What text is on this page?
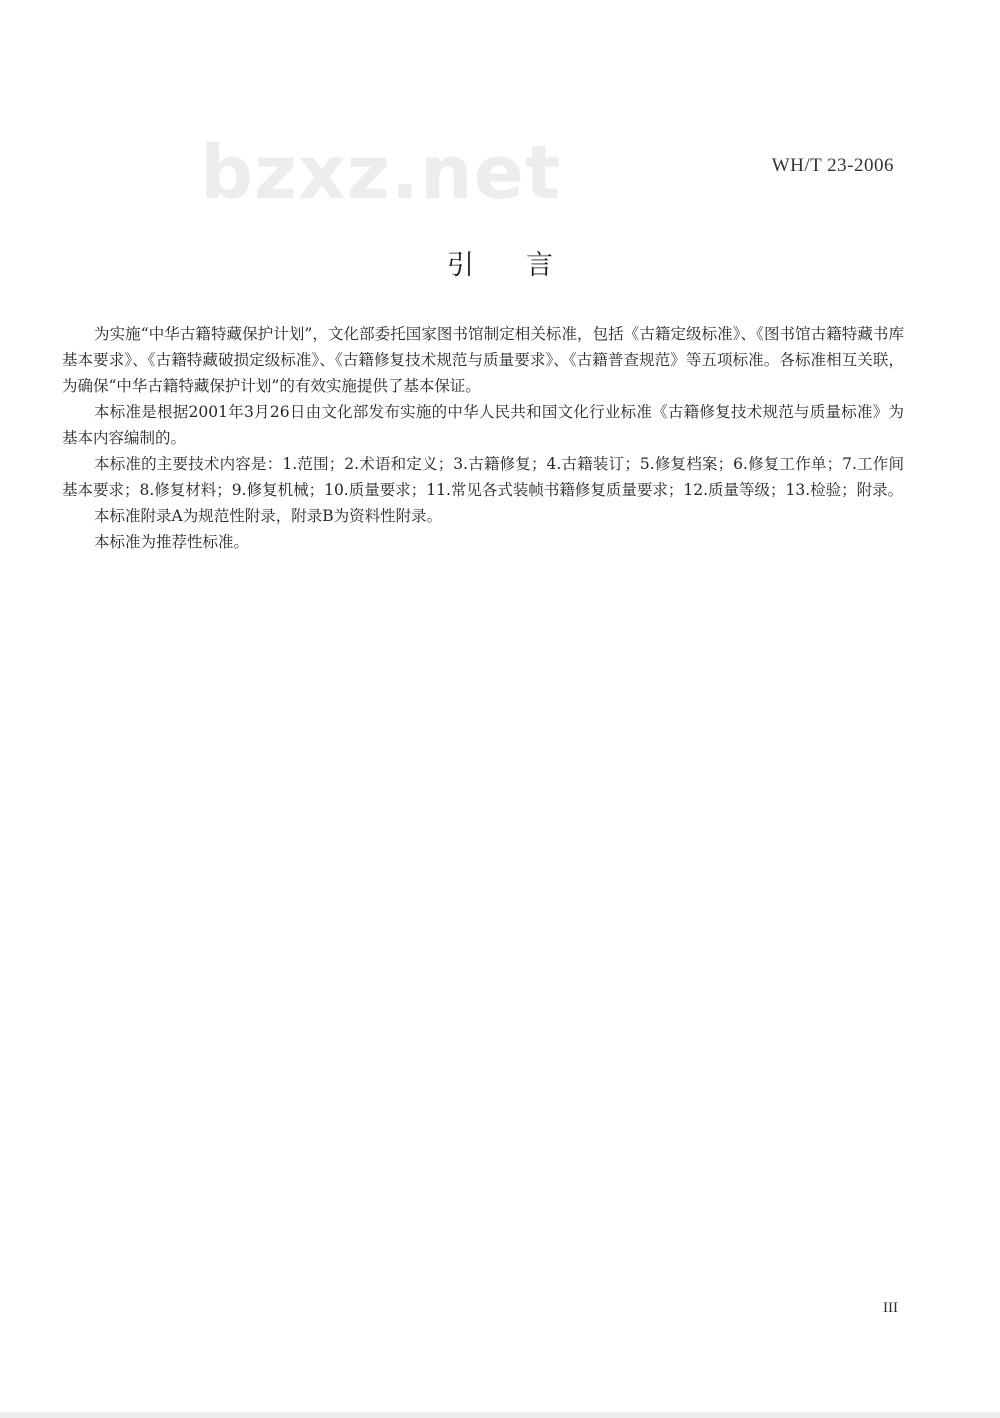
bzxz.net	WH/T 23-2006
引言

为实施“中华古籍特藏保护计划”，文化部委托国家图书馆制定相关标准，包括《古籍定级标准》、《图书馆古籍特藏书库基本要求》、《古籍特藏破损定级标准》、《古籍修复技术规范与质量要求》、《古籍普查规范》等五项标准。各标准相互关联，为确保“中华古籍特藏保护计划”的有效实施提供了基本保证。

本标准是根据2001年3月26日由文化部发布实施的中华人民共和国文化行业标准《古籍修复技术规范与质量标准》为基本内容编制的。

本标准的主要技术内容是：1.范围；2.术语和定义；3.古籍修复；4.古籍装订；5.修复档案；6.修复工作单；7.工作间基本要求；8.修复材料；9.修复机械；10.质量要求；11.常见各式装帧书籍修复质量要求；12.质量等级；13.检验；附录。

本标准附录A为规范性附录，附录B为资料性附录。

本标准为推荐性标准。

III
